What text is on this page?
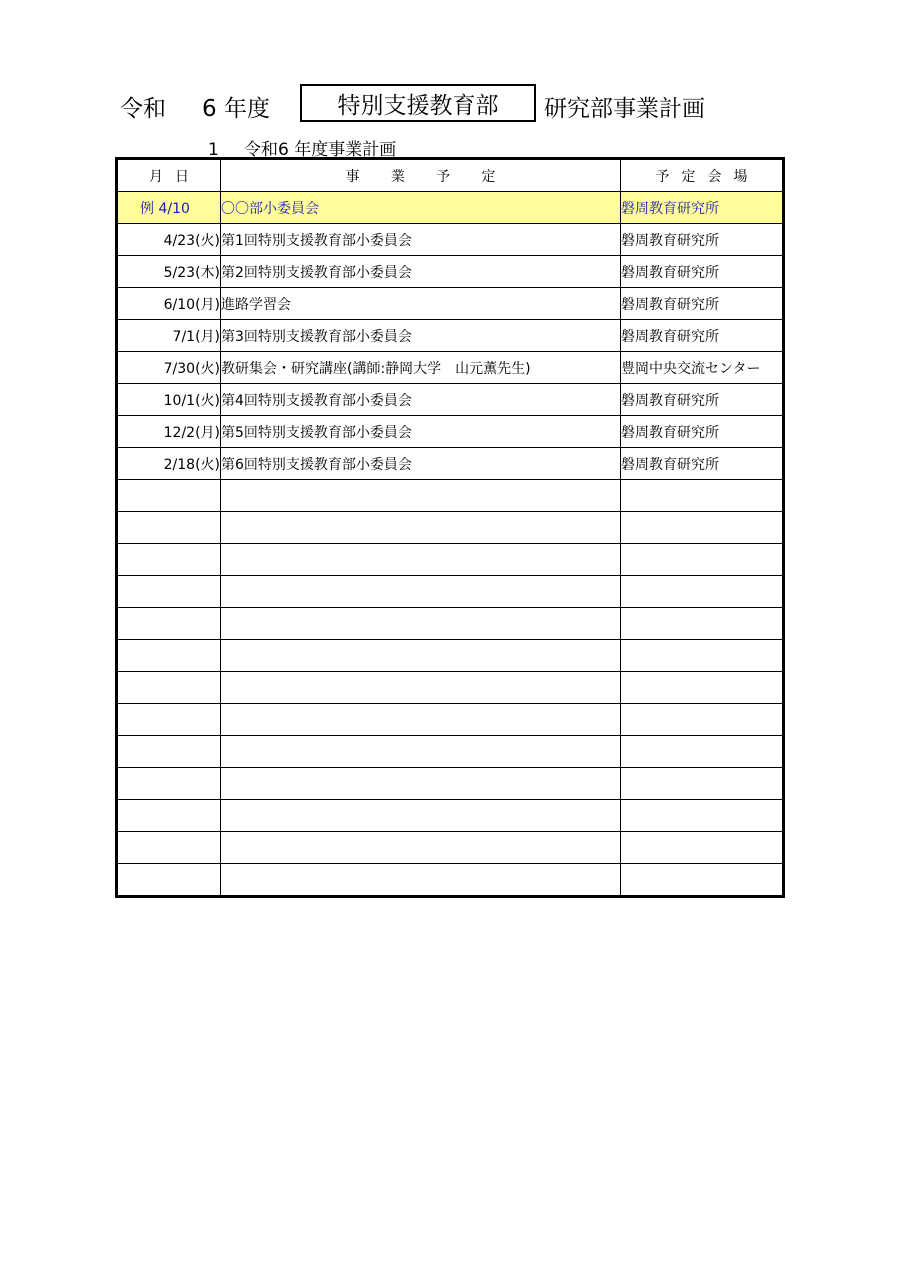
令和 6 年度	特別支援教育部 研究部事業計画
1 令和6 年度事業計画
月 日	事 業 予 定	予 定 会 場

例 4/10	〇〇部小委員会	磐周教育研究所
4/23(火)	第1回特別支援教育部小委員会	磐周教育研究所
5/23(木)	第2回特別支援教育部小委員会	磐周教育研究所
6/10(月)	進路学習会	磐周教育研究所
7/1(月)	第3回特別支援教育部小委員会	磐周教育研究所
7/30(火)	教研集会・研究講座(講師:静岡大学　山元薫先生)	豊岡中央交流センター
10/1(火)	第4回特別支援教育部小委員会	磐周教育研究所
12/2(月)	第5回特別支援教育部小委員会	磐周教育研究所
2/18(火)	第6回特別支援教育部小委員会	磐周教育研究所
